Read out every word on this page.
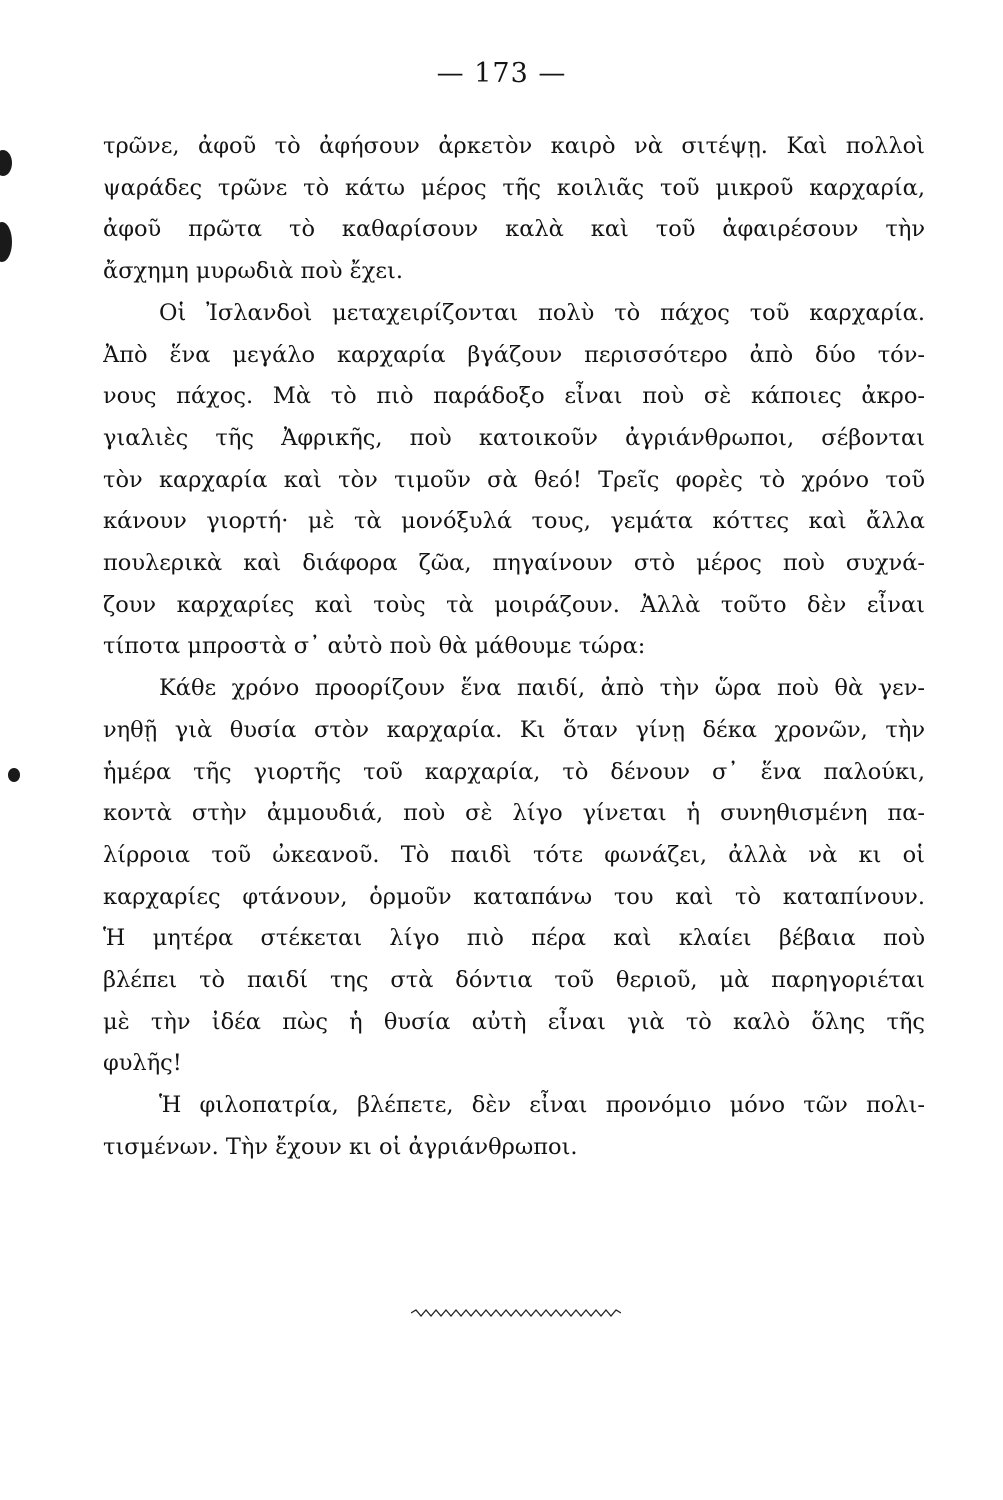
— 173 —
τρῶνε, ἀφοῦ τὸ ἀφήσουν ἀρκετὸν καιρὸ νὰ σιτέψῃ. Καὶ πολλοὶ
ψαράδες τρῶνε τὸ κάτω μέρος τῆς κοιλιᾶς τοῦ μικροῦ καρχαρία,
ἀφοῦ πρῶτα τὸ καθαρίσουν καλὰ καὶ τοῦ ἀφαιρέσουν τὴν
ἄσχημη μυρωδιὰ ποὺ ἔχει.
Οἱ Ἰσλανδοὶ μεταχειρίζονται πολὺ τὸ πάχος τοῦ καρχαρία.
Ἀπὸ ἕνα μεγάλο καρχαρία βγάζουν περισσότερο ἀπὸ δύο τόν-
νους πάχος. Μὰ τὸ πιὸ παράδοξο εἶναι ποὺ σὲ κάποιες ἀκρο-
γιαλιὲς τῆς Ἀφρικῆς, ποὺ κατοικοῦν ἀγριάνθρωποι, σέβονται
τὸν καρχαρία καὶ τὸν τιμοῦν σὰ θεό! Τρεῖς φορὲς τὸ χρόνο τοῦ
κάνουν γιορτή· μὲ τὰ μονόξυλά τους, γεμάτα κόττες καὶ ἄλλα
πουλερικὰ καὶ διάφορα ζῶα, πηγαίνουν στὸ μέρος ποὺ συχνά-
ζουν καρχαρίες καὶ τοὺς τὰ μοιράζουν. Ἀλλὰ τοῦτο δὲν εἶναι
τίποτα μπροστὰ σ᾿ αὐτὸ ποὺ θὰ μάθουμε τώρα:
Κάθε χρόνο προορίζουν ἕνα παιδί, ἀπὸ τὴν ὥρα ποὺ θὰ γεν-
νηθῇ γιὰ θυσία στὸν καρχαρία. Κι ὅταν γίνῃ δέκα χρονῶν, τὴν
ἡμέρα τῆς γιορτῆς τοῦ καρχαρία, τὸ δένουν σ᾿ ἕνα παλούκι,
κοντὰ στὴν ἀμμουδιά, ποὺ σὲ λίγο γίνεται ἡ συνηθισμένη πα-
λίρροια τοῦ ὠκεανοῦ. Τὸ παιδὶ τότε φωνάζει, ἀλλὰ νὰ κι οἱ
καρχαρίες φτάνουν, ὁρμοῦν καταπάνω του καὶ τὸ καταπίνουν.
Ἡ μητέρα στέκεται λίγο πιὸ πέρα καὶ κλαίει βέβαια ποὺ
βλέπει τὸ παιδί της στὰ δόντια τοῦ θεριοῦ, μὰ παρηγοριέται
μὲ τὴν ἰδέα πὼς ἡ θυσία αὐτὴ εἶναι γιὰ τὸ καλὸ ὅλης τῆς
φυλῆς!
Ἡ φιλοπατρία, βλέπετε, δὲν εἶναι προνόμιο μόνο τῶν πολι-
τισμένων. Τὴν ἔχουν κι οἱ ἀγριάνθρωποι.
